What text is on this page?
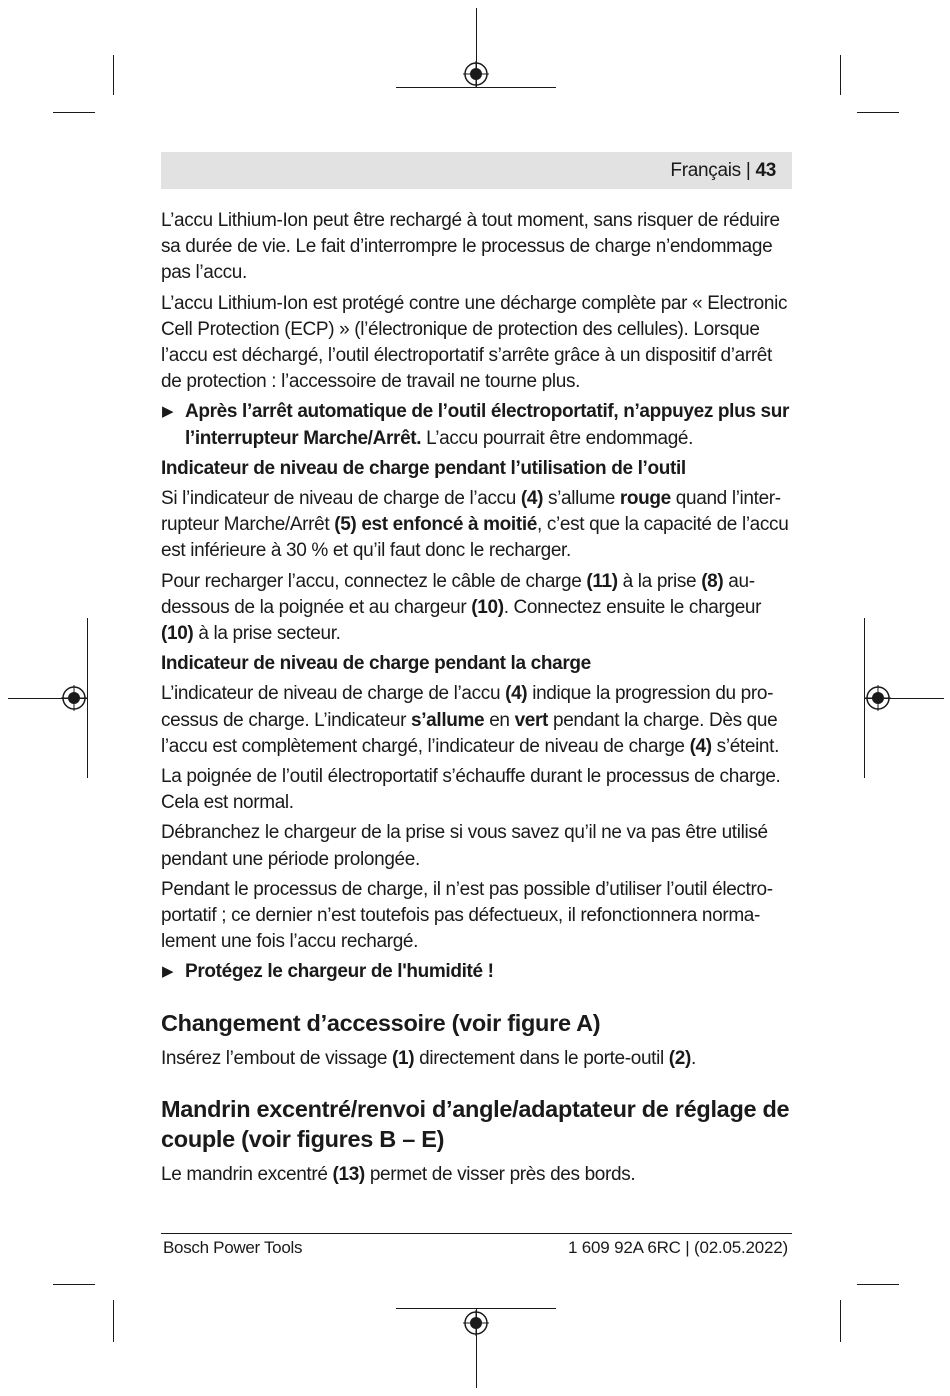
Français | 43

L’accu Lithium-Ion peut être rechargé à tout moment, sans risquer de réduire sa durée de vie. Le fait d’interrompre le processus de charge n’endommage pas l’accu.

L’accu Lithium-Ion est protégé contre une décharge complète par « Electronic Cell Protection (ECP) » (l’électronique de protection des cellules). Lorsque l’accu est déchargé, l’outil électroportatif s’arrête grâce à un dispositif d’arrêt de protection : l’accessoire de travail ne tourne plus.

▶ Après l’arrêt automatique de l’outil électroportatif, n’appuyez plus sur l’interrupteur Marche/Arrêt. L’accu pourrait être endommagé.
Indicateur de niveau de charge pendant l’utilisation de l’outil

Si l’indicateur de niveau de charge de l’accu (4) s’allume rouge quand l’interrupteur Marche/Arrêt (5) est enfoncé à moitié, c’est que la capacité de l’accu est inférieure à 30 % et qu’il faut donc le recharger.

Pour recharger l’accu, connectez le câble de charge (11) à la prise (8) audessous de la poignée et au chargeur (10). Connectez ensuite le chargeur (10) à la prise secteur.

Indicateur de niveau de charge pendant la charge

L’indicateur de niveau de charge de l’accu (4) indique la progression du processus de charge. L’indicateur s’allume en vert pendant la charge. Dès que l’accu est complètement chargé, l’indicateur de niveau de charge (4) s’éteint.

La poignée de l’outil électroportatif s’échauffe durant le processus de charge. Cela est normal.

Débranchez le chargeur de la prise si vous savez qu’il ne va pas être utilisé pendant une période prolongée.

Pendant le processus de charge, il n’est pas possible d’utiliser l’outil électroportatif ; ce dernier n’est toutefois pas défectueux, il refonctionnera normalement une fois l’accu rechargé.

▶ Protégez le chargeur de l'humidité !
Changement d’accessoire (voir figure A)

Insérez l’embout de vissage (1) directement dans le porte-outil (2).

Mandrin excentré/renvoi d’angle/adaptateur de réglage de couple (voir figures B – E)

Le mandrin excentré (13) permet de visser près des bords.

Bosch Power Tools	1 609 92A 6RC | (02.05.2022)
